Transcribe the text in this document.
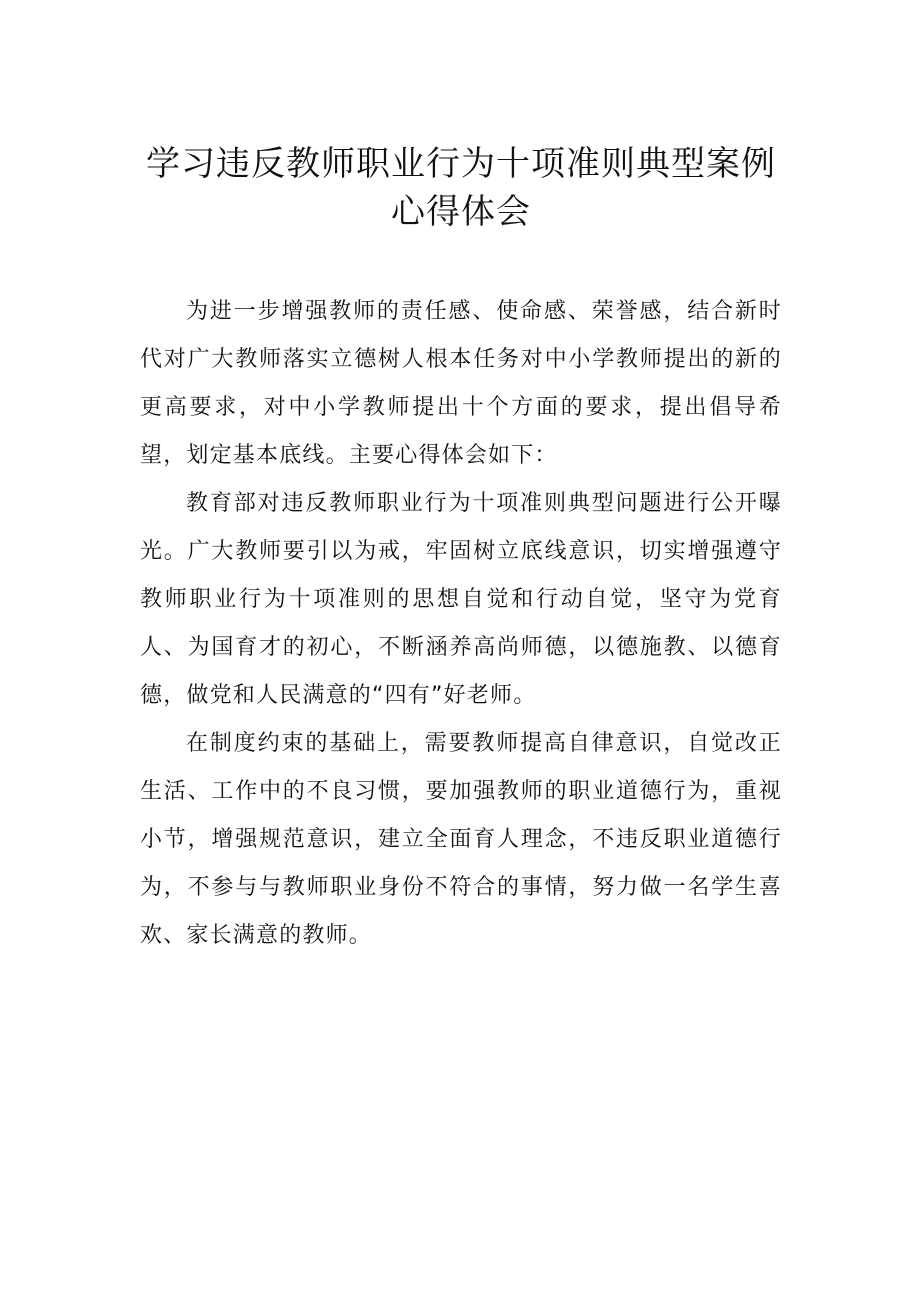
学习违反教师职业行为十项准则典型案例
心得体会

为进一步增强教师的责任感、使命感、荣誉感，结合新时代对广大教师落实立德树人根本任务对中小学教师提出的新的更高要求，对中小学教师提出十个方面的要求，提出倡导希望，划定基本底线。主要心得体会如下：

教育部对违反教师职业行为十项准则典型问题进行公开曝光。广大教师要引以为戒，牢固树立底线意识，切实增强遵守教师职业行为十项准则的思想自觉和行动自觉，坚守为党育人、为国育才的初心，不断涵养高尚师德，以德施教、以德育德，做党和人民满意的“四有”好老师。

在制度约束的基础上，需要教师提高自律意识，自觉改正生活、工作中的不良习惯，要加强教师的职业道德行为，重视小节，增强规范意识，建立全面育人理念，不违反职业道德行为，不参与与教师职业身份不符合的事情，努力做一名学生喜欢、家长满意的教师。
